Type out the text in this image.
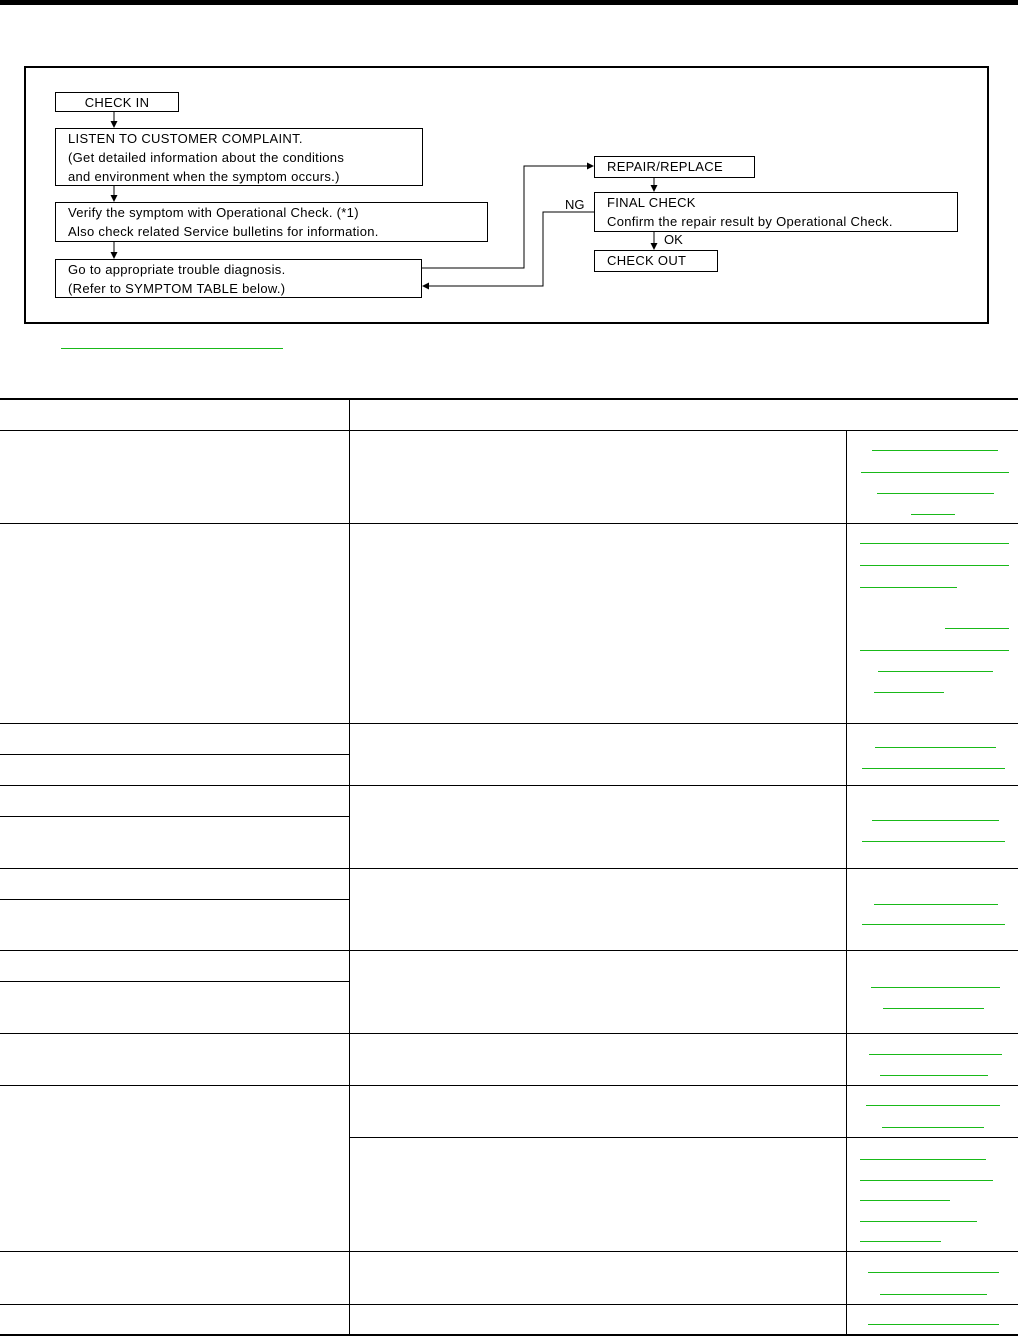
CHECK IN
LISTEN TO CUSTOMER COMPLAINT.
(Get detailed information about the conditions
and environment when the symptom occurs.)
Verify the symptom with Operational Check. (*1)
Also check related Service bulletins for information.
Go to appropriate trouble diagnosis.
(Refer to SYMPTOM TABLE below.)
REPAIR/REPLACE
FINAL CHECK
Confirm the repair result by Operational Check.
CHECK OUT
NG
OK
